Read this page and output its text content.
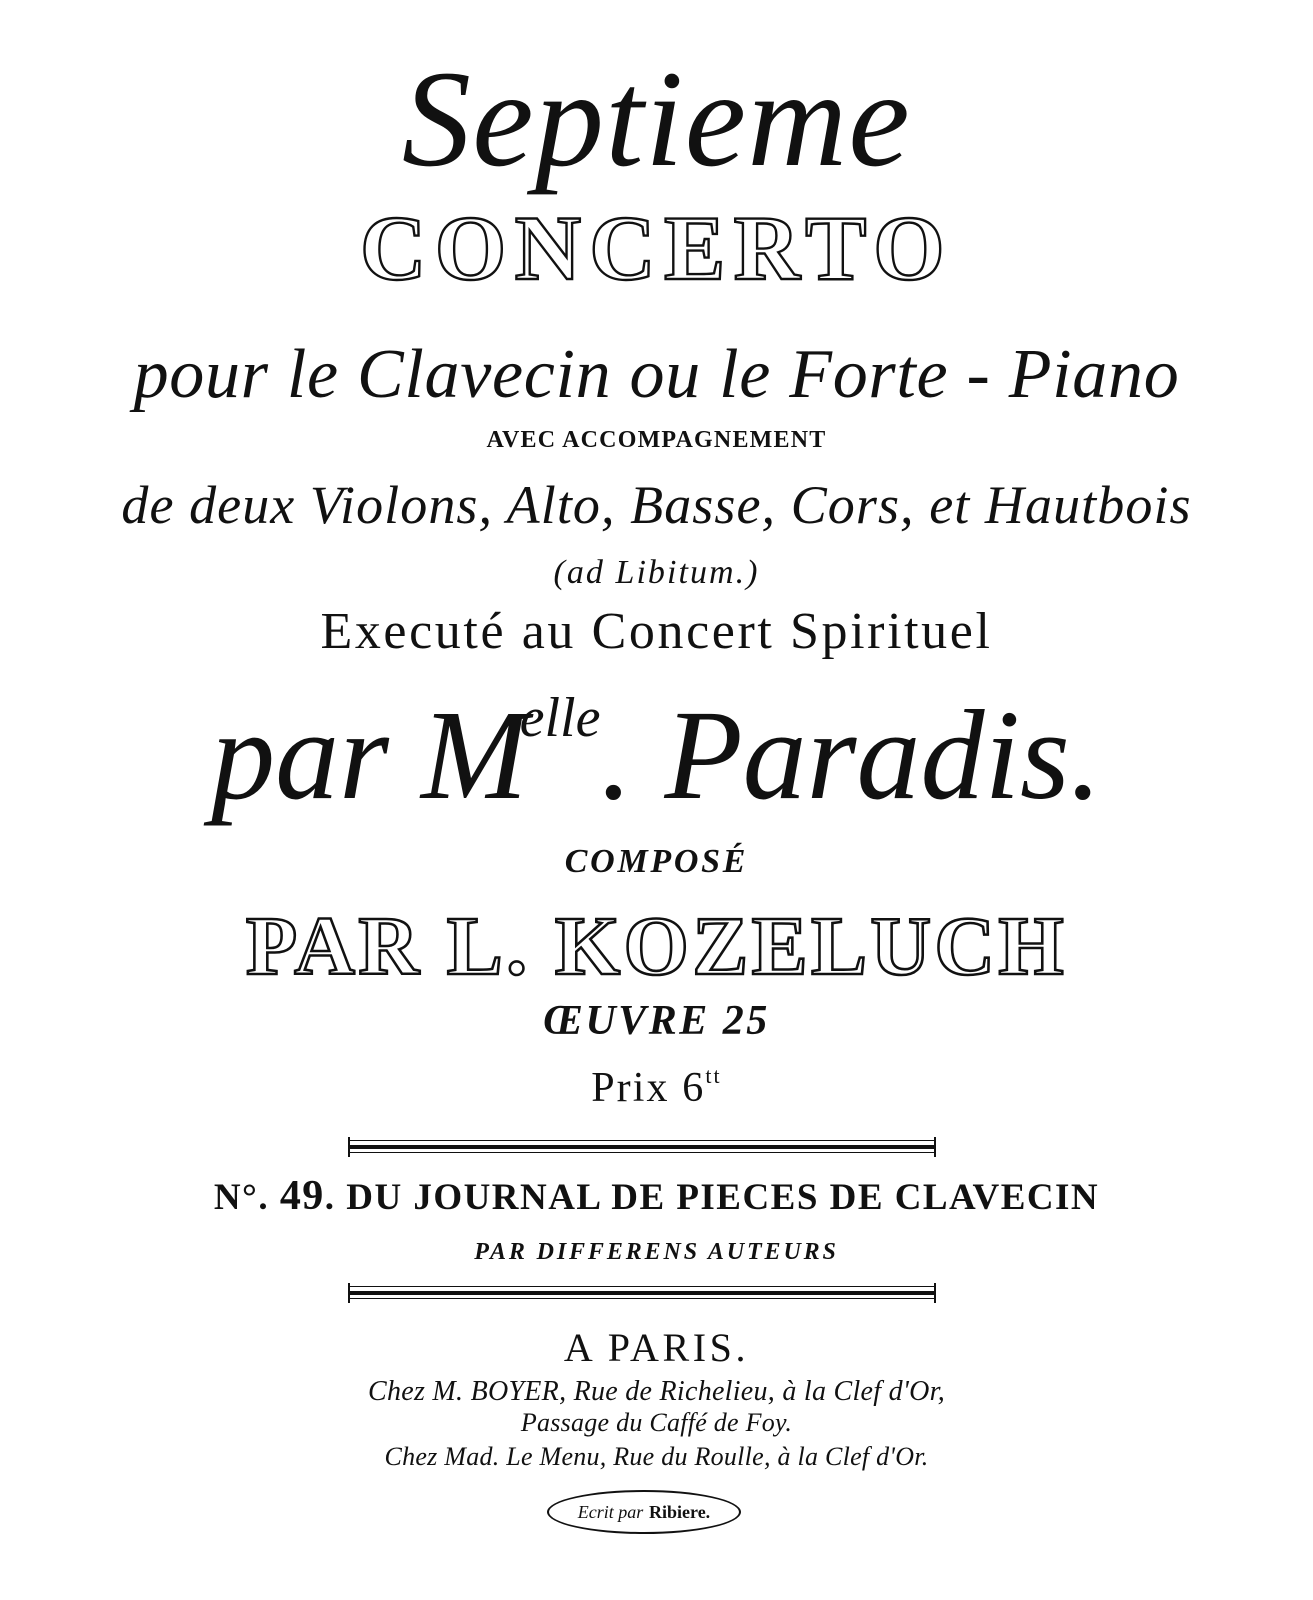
Septieme
CONCERTO
pour le Clavecin ou le Forte - Piano
AVEC ACCOMPAGNEMENT
de deux Violons, Alto, Basse, Cors, et Hautbois
(ad Libitum.)
Executé au Concert Spirituel
par $M^{elle}$. Paradis.
COMPOSÉ
PAR L. KOZELUCH
ŒUVRE 25
Prix $6^{tt}$
N°. 49. DU JOURNAL DE PIECES DE CLAVECIN
PAR DIFFERENS AUTEURS
A PARIS.
Chez M. BOYER, Rue de Richelieu, à la Clef d'Or,
Passage du Caffé de Foy.
Chez Mad. Le Menu, Rue du Roulle, à la Clef d'Or.
Ecrit par Ribiere.
